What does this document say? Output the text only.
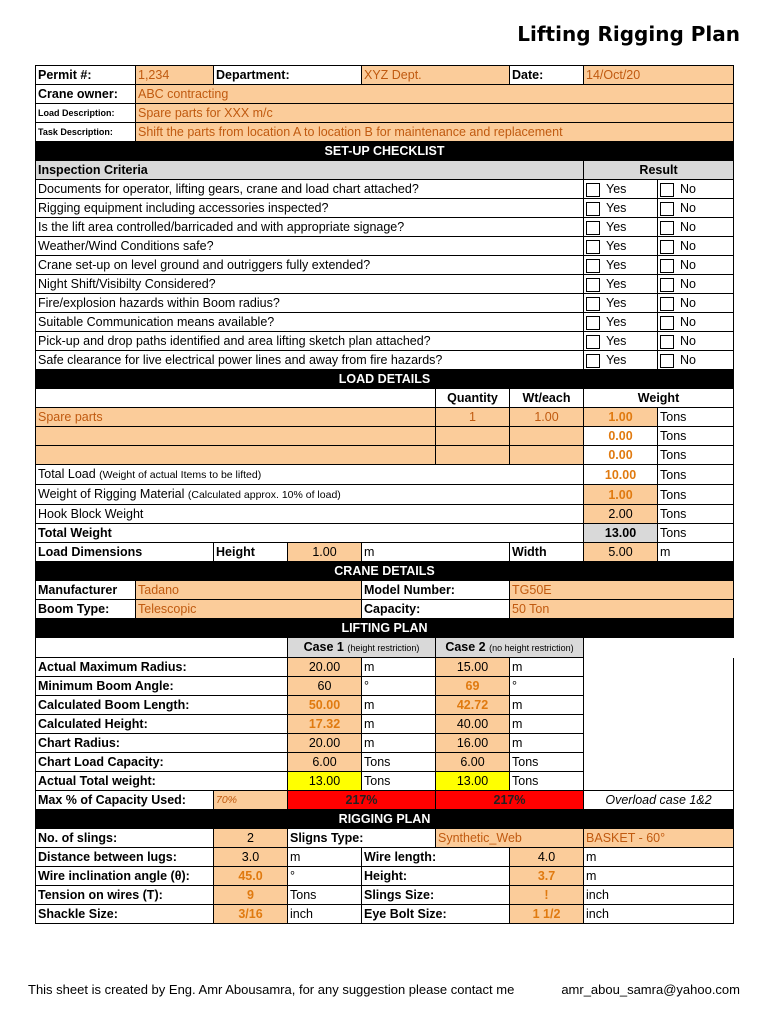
Lifting Rigging Plan
Permit #:	1,234	Department:		XYZ Dept.		Date:	14/Oct/20	
Crane owner:	ABC contracting							
Load Description:	Spare parts for XXX m/c							
Task Description:	Shift the parts from location A to location B for maintenance and replacement							
SET-UP CHECKLIST								
Inspection Criteria							Result	
Documents for operator, lifting gears, crane and load chart attached?							Yes	No
Rigging equipment including accessories inspected?							Yes	No
Is the lift area controlled/barricaded and with appropriate signage?							Yes	No
Weather/Wind Conditions safe?							Yes	No
Crane set-up on level ground and outriggers fully extended?							Yes	No
Night Shift/Visibilty Considered?							Yes	No
Fire/explosion hazards within Boom radius?							Yes	No
Suitable Communication means available?							Yes	No
Pick-up and drop paths identified and area lifting sketch plan attached?							Yes	No
Safe clearance for live electrical power lines and away from fire hazards?							Yes	No
LOAD DETAILS								
					Quantity	Wt/each	Weight	
Spare parts					1	1.00	1.00	Tons
							0.00	Tons
							0.00	Tons
Total Load (Weight of actual Items to be lifted)							10.00	Tons
Weight of Rigging Material (Calculated approx. 10% of load)							1.00	Tons
Hook Block Weight							2.00	Tons
Total Weight							13.00	Tons
Load Dimensions		Height	1.00	m		Width	5.00	m
CRANE DETAILS								
Manufacturer	Tadano			Model Number:		TG50E		
Boom Type:	Telescopic			Capacity:		50 Ton		
LIFTING PLAN								
			Case 1 (height restriction)		Case 2 (no height restriction)			
Actual Maximum Radius:			20.00	m	15.00	m		
Minimum Boom Angle:			60	°	69	°		
Calculated Boom Length:			50.00	m	42.72	m		
Calculated Height:			17.32	m	40.00	m		
Chart Radius:			20.00	m	16.00	m		
Chart Load Capacity:			6.00	Tons	6.00	Tons		
Actual Total weight:			13.00	Tons	13.00	Tons		
Max % of Capacity Used:		70%	217%		217%		Overload case 1&2	
RIGGING PLAN								
No. of slings:		2	Sligns Type:		Synthetic_Web		BASKET - 60°	
Distance between lugs:		3.0	m	Wire length:		4.0	m	
Wire inclination angle (θ):		45.0	°	Height:		3.7	m	
Tension on wires (T):		9	Tons	Slings Size:		!	inch	
Shackle Size:		3/16	inch	Eye Bolt Size:		1 1/2	inch	
This sheet is created by Eng. Amr Abousamra, for any suggestion please contact me	amr_abou_samra@yahoo.com
